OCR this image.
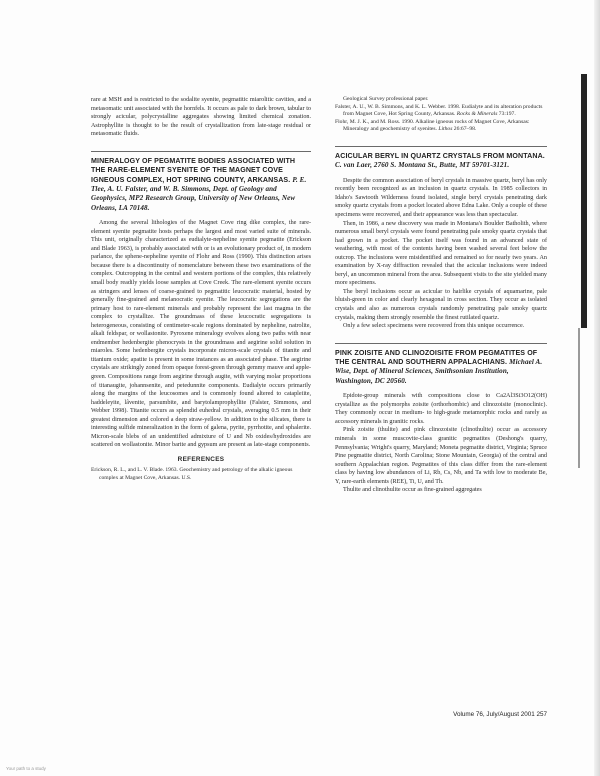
rare at MSH and is restricted to the sodalite syenite, pegmatitic miarolitic cavities, and a metasomatic unit associated with the hornfels. It occurs as pale to dark brown, tabular to strongly acicular, polycrystalline aggregates showing limited chemical zonation. Astrophyllite is thought to be the result of crystallization from late-stage residual or metasomatic fluids.

MINERALOGY OF PEGMATITE BODIES ASSOCIATED WITH THE RARE-ELEMENT SYENITE OF THE MAGNET COVE IGNEOUS COMPLEX, HOT SPRING COUNTY, ARKANSAS. P. E. Tlee, A. U. Falster, and W. B. Simmons, Dept. of Geology and Geophysics, MP2 Research Group, University of New Orleans, New Orleans, LA 70148.

Among the several lithologies of the Magnet Cove ring dike complex, the rare-element syenite pegmatite hosts perhaps the largest and most varied suite of minerals. This unit, originally characterized as eudialyte-nepheline syenite pegmatite (Erickson and Blade 1963), is probably associated with or is an evolutionary product of, in modern parlance, the sphene-nepheline syenite of Flohr and Ross (1990). This distinction arises because there is a discontinuity of nomenclature between these two examinations of the complex. Outcropping in the central and western portions of the complex, this relatively small body readily yields loose samples at Cove Creek. The rare-element syenite occurs as stringers and lenses of coarse-grained to pegmatitic leucocratic material, hosted by generally fine-grained and melanocratic syenite. The leucocratic segregations are the primary host to rare-element minerals and probably represent the last magma in the complex to crystallize. The groundmass of these leucocratic segregations is heterogeneous, consisting of centimeter-scale regions dominated by nepheline, natrolite, alkali feldspar, or wollastonite. Pyroxene mineralogy evolves along two paths with near endmember hedenbergite phenocrysts in the groundmass and aegirine solid solution in miaroles. Some hedenbergite crystals incorporate micron-scale crystals of titanite and titanium oxide; apatite is present in some instances as an associated phase. The aegirine crystals are strikingly zoned from opaque forest-green through gemmy mauve and apple-green. Compositions range from aegirine through augite, with varying molar proportions of titanaugite, johannsenite, and petedunnite components. Eudialyte occurs primarily along the margins of the leucosomes and is commonly found altered to catapleiite, haddeleyite, lâvenite, parsumbite, and barytolamprophyllite (Falster, Simmons, and Webber 1998). Titanite occurs as splendid euhedral crystals, averaging 0.5 mm in their greatest dimension and colored a deep straw-yellow. In addition to the silicates, there is interesting sulfide mineralization in the form of galena, pyrite, pyrrhotite, and sphalerite. Micron-scale blebs of an unidentified admixture of U and Nb oxides/hydroxides are scattered on wollastonite. Minor barite and gypsum are present as late-stage components.

REFERENCES

Erickson, R. L., and L. V. Blade. 1963. Geochemistry and petrology of the alkalic igneous complex at Magnet Cove, Arkansas. U.S.

Geological Survey professional paper.

Falster, A. U., W. B. Simmons, and K. L. Webber. 1998. Eudialyte and its alteration products from Magnet Cove, Hot Spring County, Arkansas. Rocks & Minerals 73:197.

Flohr, M. J. K., and M. Ross. 1990. Alkaline igneous rocks of Magnet Cove, Arkansas: Mineralogy and geochemistry of syenites. Lithos 26:67–98.

ACICULAR BERYL IN QUARTZ CRYSTALS FROM MONTANA. C. van Laer, 2760 S. Montana St., Butte, MT 59701-3121.

Despite the common association of beryl crystals in massive quartz, beryl has only recently been recognized as an inclusion in quartz crystals. In 1985 collectors in Idaho's Sawtooth Wilderness found isolated, single beryl crystals penetrating dark smoky quartz crystals from a pocket located above Edna Lake. Only a couple of these specimens were recovered, and their appearance was less than spectacular.

Then, in 1986, a new discovery was made in Montana's Boulder Batholith, where numerous small beryl crystals were found penetrating pale smoky quartz crystals that had grown in a pocket. The pocket itself was found in an advanced state of weathering, with most of the contents having been washed several feet below the outcrop. The inclusions were misidentified and remained so for nearly two years. An examination by X-ray diffraction revealed that the acicular inclusions were indeed beryl, an uncommon mineral from the area. Subsequent visits to the site yielded many more specimens.

The beryl inclusions occur as acicular to hairlike crystals of aquamarine, pale bluish-green in color and clearly hexagonal in cross section. They occur as isolated crystals and also as numerous crystals randomly penetrating pale smoky quartz crystals, making them strongly resemble the finest rutilated quartz.

Only a few select specimens were recovered from this unique occurrence.

PINK ZOISITE AND CLINOZOISITE FROM PEGMATITES OF THE CENTRAL AND SOUTHERN APPALACHIANS. Michael A. Wise, Dept. of Mineral Sciences, Smithsonian Institution, Washington, DC 20560.

Epidote-group minerals with compositions close to Ca2Al3Si3O12(OH) crystallize as the polymorphs zoisite (orthorhombic) and clinozoisite (monoclinic). They commonly occur in medium- to high-grade metamorphic rocks and rarely as accessory minerals in granitic rocks.

Pink zoisite (thulite) and pink clinozoisite (clinothulite) occur as accessory minerals in some muscovite-class granitic pegmatites (Deshong's quarry, Pennsylvania; Wright's quarry, Maryland; Moneta pegmatite district, Virginia; Spruce Pine pegmatite district, North Carolina; Stone Mountain, Georgia) of the central and southern Appalachian region. Pegmatites of this class differ from the rare-element class by having low abundances of Li, Rb, Cs, Nb, and Ta with low to moderate Be, Y, rare-earth elements (REE), Ti, U, and Th.

Thulite and clinothulite occur as fine-grained aggregates

Volume 76, July/August 2001 257
Your path to a study
